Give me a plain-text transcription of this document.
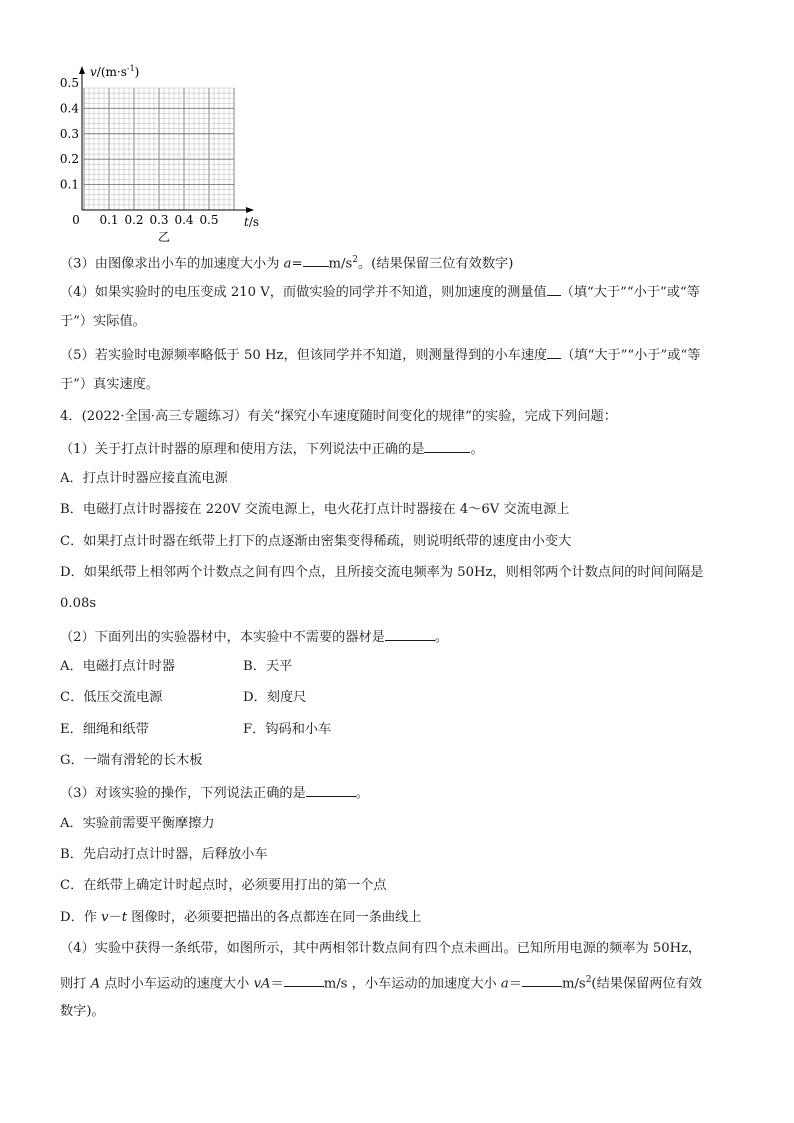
$v/(m\cdot s^{-1})$
t/s
0
0.1
0.2
0.3
0.4
0.5
0.1 0.2 0.3 0.4 0.5
乙
（3）由图像求出小车的加速度大小为 $a= m/s^2$。(结果保留三位有效数字)
（4）如果实验时的电压变成 210 V，而做实验的同学并不知道，则加速度的测量值 （填“大于”“小于”或“等
于”）实际值。
（5）若实验时电源频率略低于 50 Hz，但该同学并不知道，则测量得到的小车速度 （填“大于”“小于”或“等
于”）真实速度。
4．(2022·全国·高三专题练习）有关“探究小车速度随时间变化的规律”的实验，完成下列问题：
（1）关于打点计时器的原理和使用方法，下列说法中正确的是	。
A．打点计时器应接直流电源
B．电磁打点计时器接在 220V 交流电源上，电火花打点计时器接在 4～6V 交流电源上
C．如果打点计时器在纸带上打下的点逐渐由密集变得稀疏，则说明纸带的速度由小变大
D．如果纸带上相邻两个计数点之间有四个点，且所接交流电频率为 50Hz，则相邻两个计数点间的时间间隔是
0.08s
（2）下面列出的实验器材中，本实验中不需要的器材是	。
A．电磁打点计时器	B．天平
C．低压交流电源	D．刻度尺
E．细绳和纸带	F．钩码和小车
G．一端有滑轮的长木板
（3）对该实验的操作，下列说法正确的是	。
A．实验前需要平衡摩擦力
B．先启动打点计时器，后释放小车
C．在纸带上确定计时起点时，必须要用打出的第一个点
D．作 v－t 图像时，必须要把描出的各点都连在同一条曲线上
（4）实验中获得一条纸带，如图所示，其中两相邻计数点间有四个点未画出。已知所用电源的频率为 50Hz，
则打 A 点时小车运动的速度大小 vA＝	m/s ，小车运动的加速度大小 a＝	$m/s^2$(结果保留两位有效
数字)。
